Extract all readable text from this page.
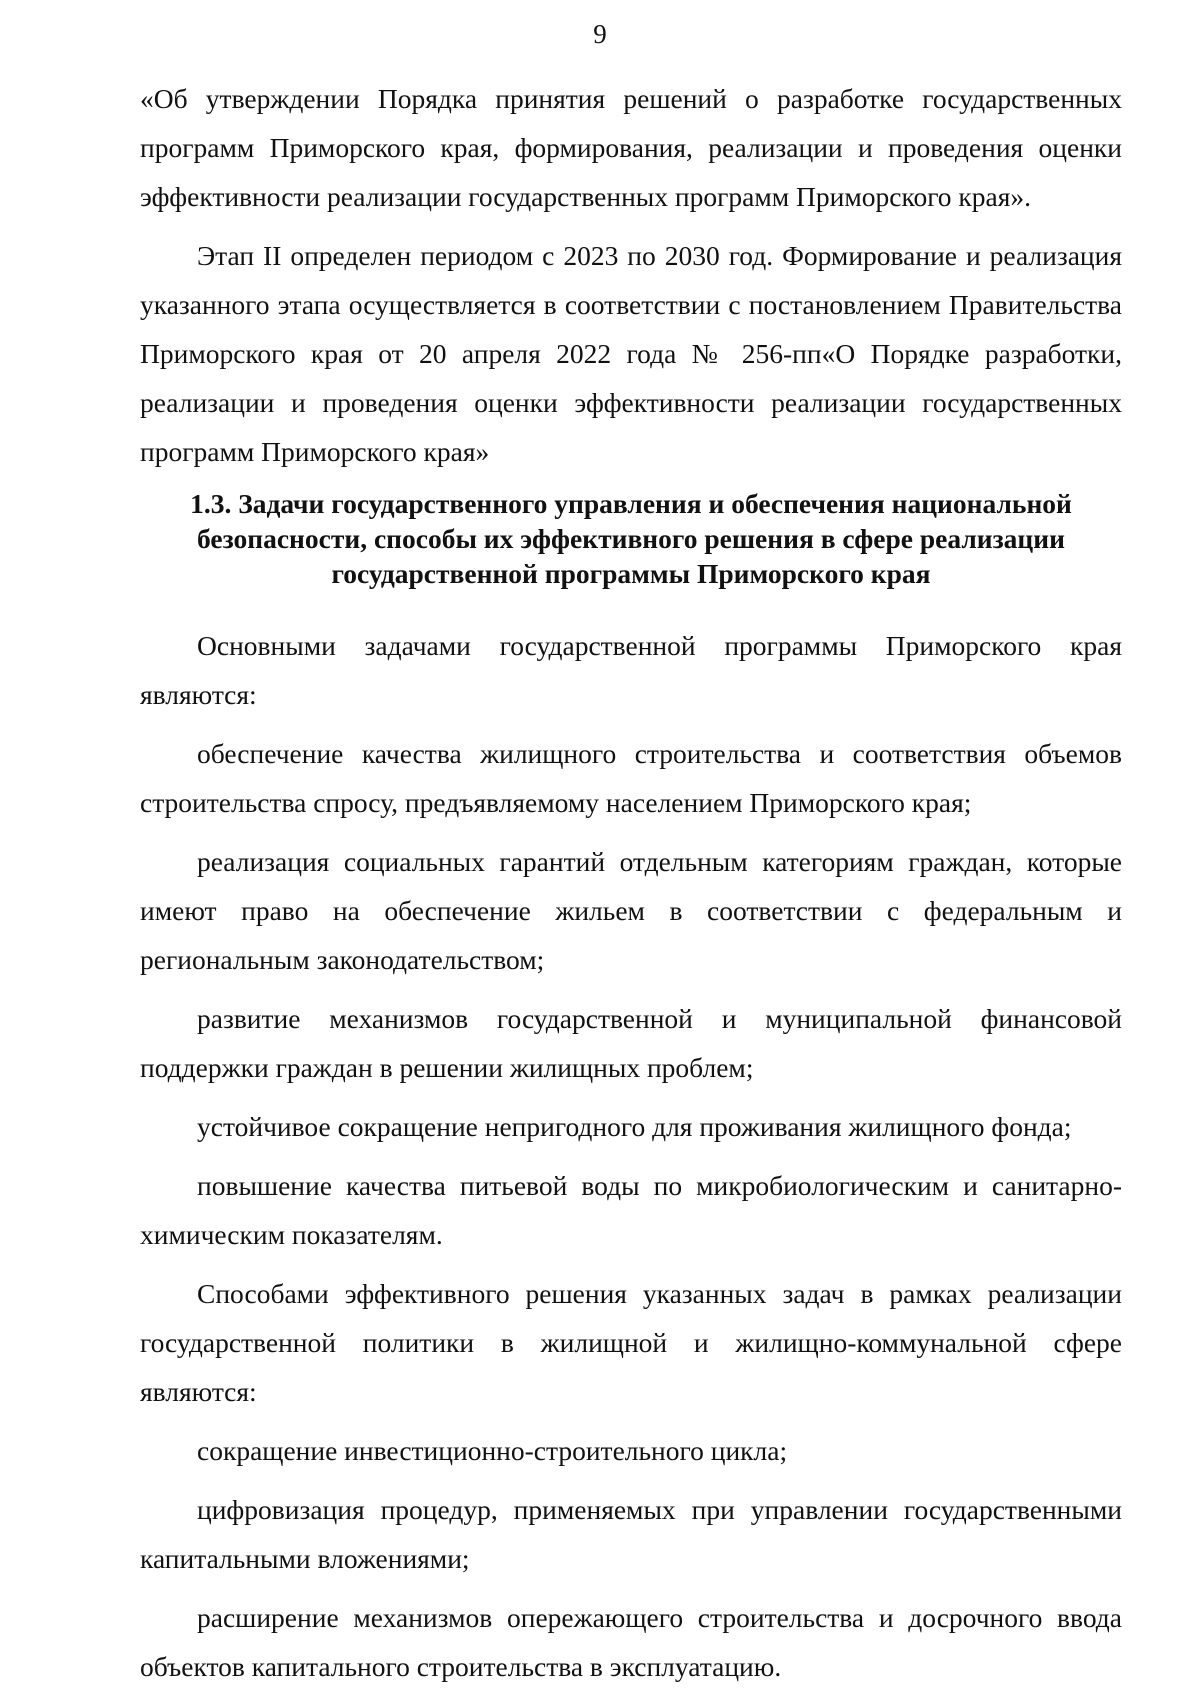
9

«Об утверждении Порядка принятия решений о разработке государственных программ Приморского края, формирования, реализации и проведения оценки эффективности реализации государственных программ Приморского края».

Этап II определен периодом с 2023 по 2030 год. Формирование и реализация указанного этапа осуществляется в соответствии с постановлением Правительства Приморского края от 20 апреля 2022 года № 256-пп«О Порядке разработки, реализации и проведения оценки эффективности реализации государственных программ Приморского края»

1.3. Задачи государственного управления и обеспечения национальной безопасности, способы их эффективного решения в сфере реализации государственной программы Приморского края

Основными задачами государственной программы Приморского края являются:

обеспечение качества жилищного строительства и соответствия объемов строительства спросу, предъявляемому населением Приморского края;

реализация социальных гарантий отдельным категориям граждан, которые имеют право на обеспечение жильем в соответствии с федеральным и региональным законодательством;

развитие механизмов государственной и муниципальной финансовой поддержки граждан в решении жилищных проблем;

устойчивое сокращение непригодного для проживания жилищного фонда;

повышение качества питьевой воды по микробиологическим и санитарно-химическим показателям.

Способами эффективного решения указанных задач в рамках реализации государственной политики в жилищной и жилищно-коммунальной сфере являются:

сокращение инвестиционно-строительного цикла;

цифровизация процедур, применяемых при управлении государственными капитальными вложениями;

расширение механизмов опережающего строительства и досрочного ввода объектов капитального строительства в эксплуатацию.
